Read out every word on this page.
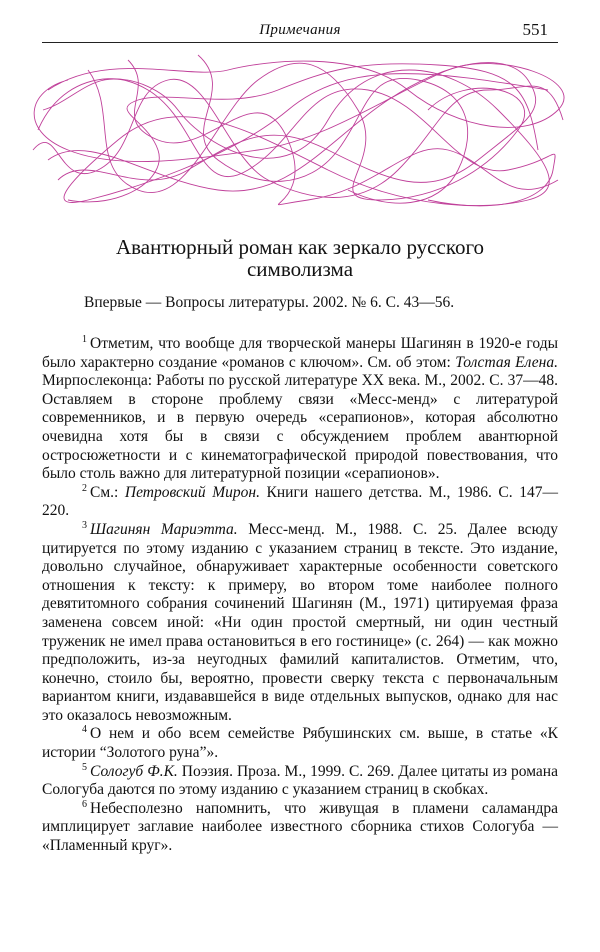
Примечания	551
Авантюрный роман как зеркало русского
символизма
Впервые — Вопросы литературы. 2002. № 6. С. 43—56.

$^1$ Отметим, что вообще для творческой манеры Шагинян в 1920-е годы было характерно создание «романов с ключом». См. об этом: Толстая Елена. Мирпослеконца: Работы по русской литературе XX века. М., 2002. С. 37—48. Оставляем в стороне проблему связи «Месс-менд» с литературой современников, и в первую очередь «серапионов», которая абсолютно очевидна хотя бы в связи с обсуждением проблем авантюрной остросюжетности и с кинематографической природой повествования, что было столь важно для литературной позиции «серапионов».

$^2$ См.: Петровский Мирон. Книги нашего детства. М., 1986. С. 147—220.

$^3$ Шагинян Мариэтта. Месс-менд. М., 1988. С. 25. Далее всюду цитируется по этому изданию с указанием страниц в тексте. Это издание, довольно случайное, обнаруживает характерные особенности советского отношения к тексту: к примеру, во втором томе наиболее полного девятитомного собрания сочинений Шагинян (М., 1971) цитируемая фраза заменена совсем иной: «Ни один простой смертный, ни один честный труженик не имел права остановиться в его гостинице» (с. 264) — как можно предположить, из-за неугодных фамилий капиталистов. Отметим, что, конечно, стоило бы, вероятно, провести сверку текста с первоначальным вариантом книги, издававшейся в виде отдельных выпусков, однако для нас это оказалось невозможным.

$^4$ О нем и обо всем семействе Рябушинских см. выше, в статье «К истории “Золотого руна”».

$^5$ Сологуб Ф.К. Поэзия. Проза. М., 1999. С. 269. Далее цитаты из романа Сологуба даются по этому изданию с указанием страниц в скобках.

$^6$ Небесполезно напомнить, что живущая в пламени саламандра имплицирует заглавие наиболее известного сборника стихов Сологуба — «Пламенный круг».
